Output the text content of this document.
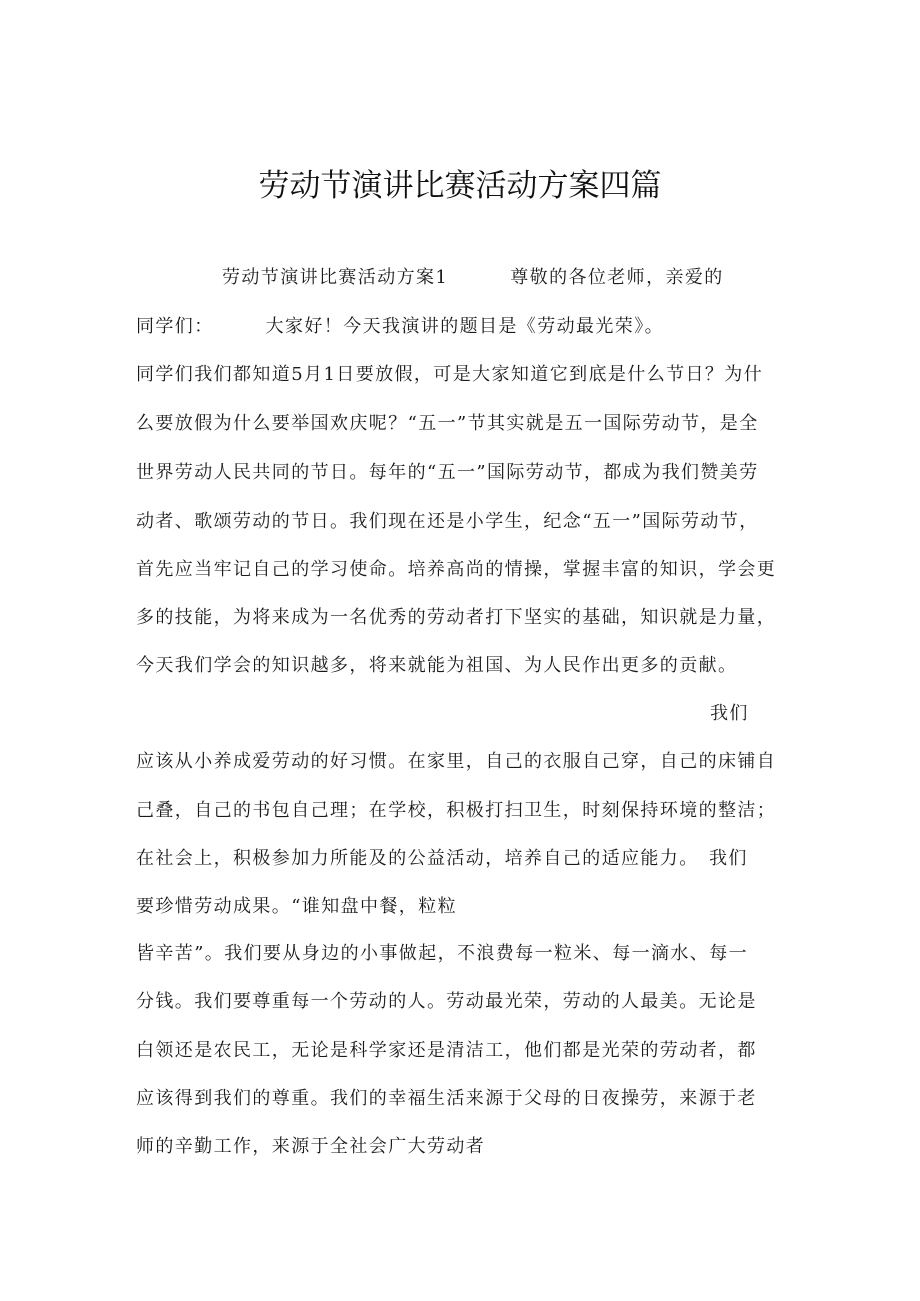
劳动节演讲比赛活动方案四篇
劳动节演讲比赛活动方案1	尊敬的各位老师，亲爱的
同学们：	大家好！今天我演讲的题目是《劳动最光荣》。
同学们我们都知道5月1日要放假，可是大家知道它到底是什么节日？为什
么要放假为什么要举国欢庆呢？“五一”节其实就是五一国际劳动节，是全
世界劳动人民共同的节日。每年的“五一”国际劳动节，都成为我们赞美劳
动者、歌颂劳动的节日。我们现在还是小学生，纪念“五一”国际劳动节，
首先应当牢记自己的学习使命。培养高尚的情操，掌握丰富的知识，学会更
多的技能，为将来成为一名优秀的劳动者打下坚实的基础，知识就是力量，
今天我们学会的知识越多，将来就能为祖国、为人民作出更多的贡献。
我们
应该从小养成爱劳动的好习惯。在家里，自己的衣服自己穿，自己的床铺自
己叠，自己的书包自己理；在学校，积极打扫卫生，时刻保持环境的整洁；
在社会上，积极参加力所能及的公益活动，培养自己的适应能力。　我们
要珍惜劳动成果。“谁知盘中餐，粒粒
皆辛苦”。我们要从身边的小事做起，不浪费每一粒米、每一滴水、每一
分钱。我们要尊重每一个劳动的人。劳动最光荣，劳动的人最美。无论是
白领还是农民工，无论是科学家还是清洁工，他们都是光荣的劳动者，都
应该得到我们的尊重。我们的幸福生活来源于父母的日夜操劳，来源于老
师的辛勤工作，来源于全社会广大劳动者
